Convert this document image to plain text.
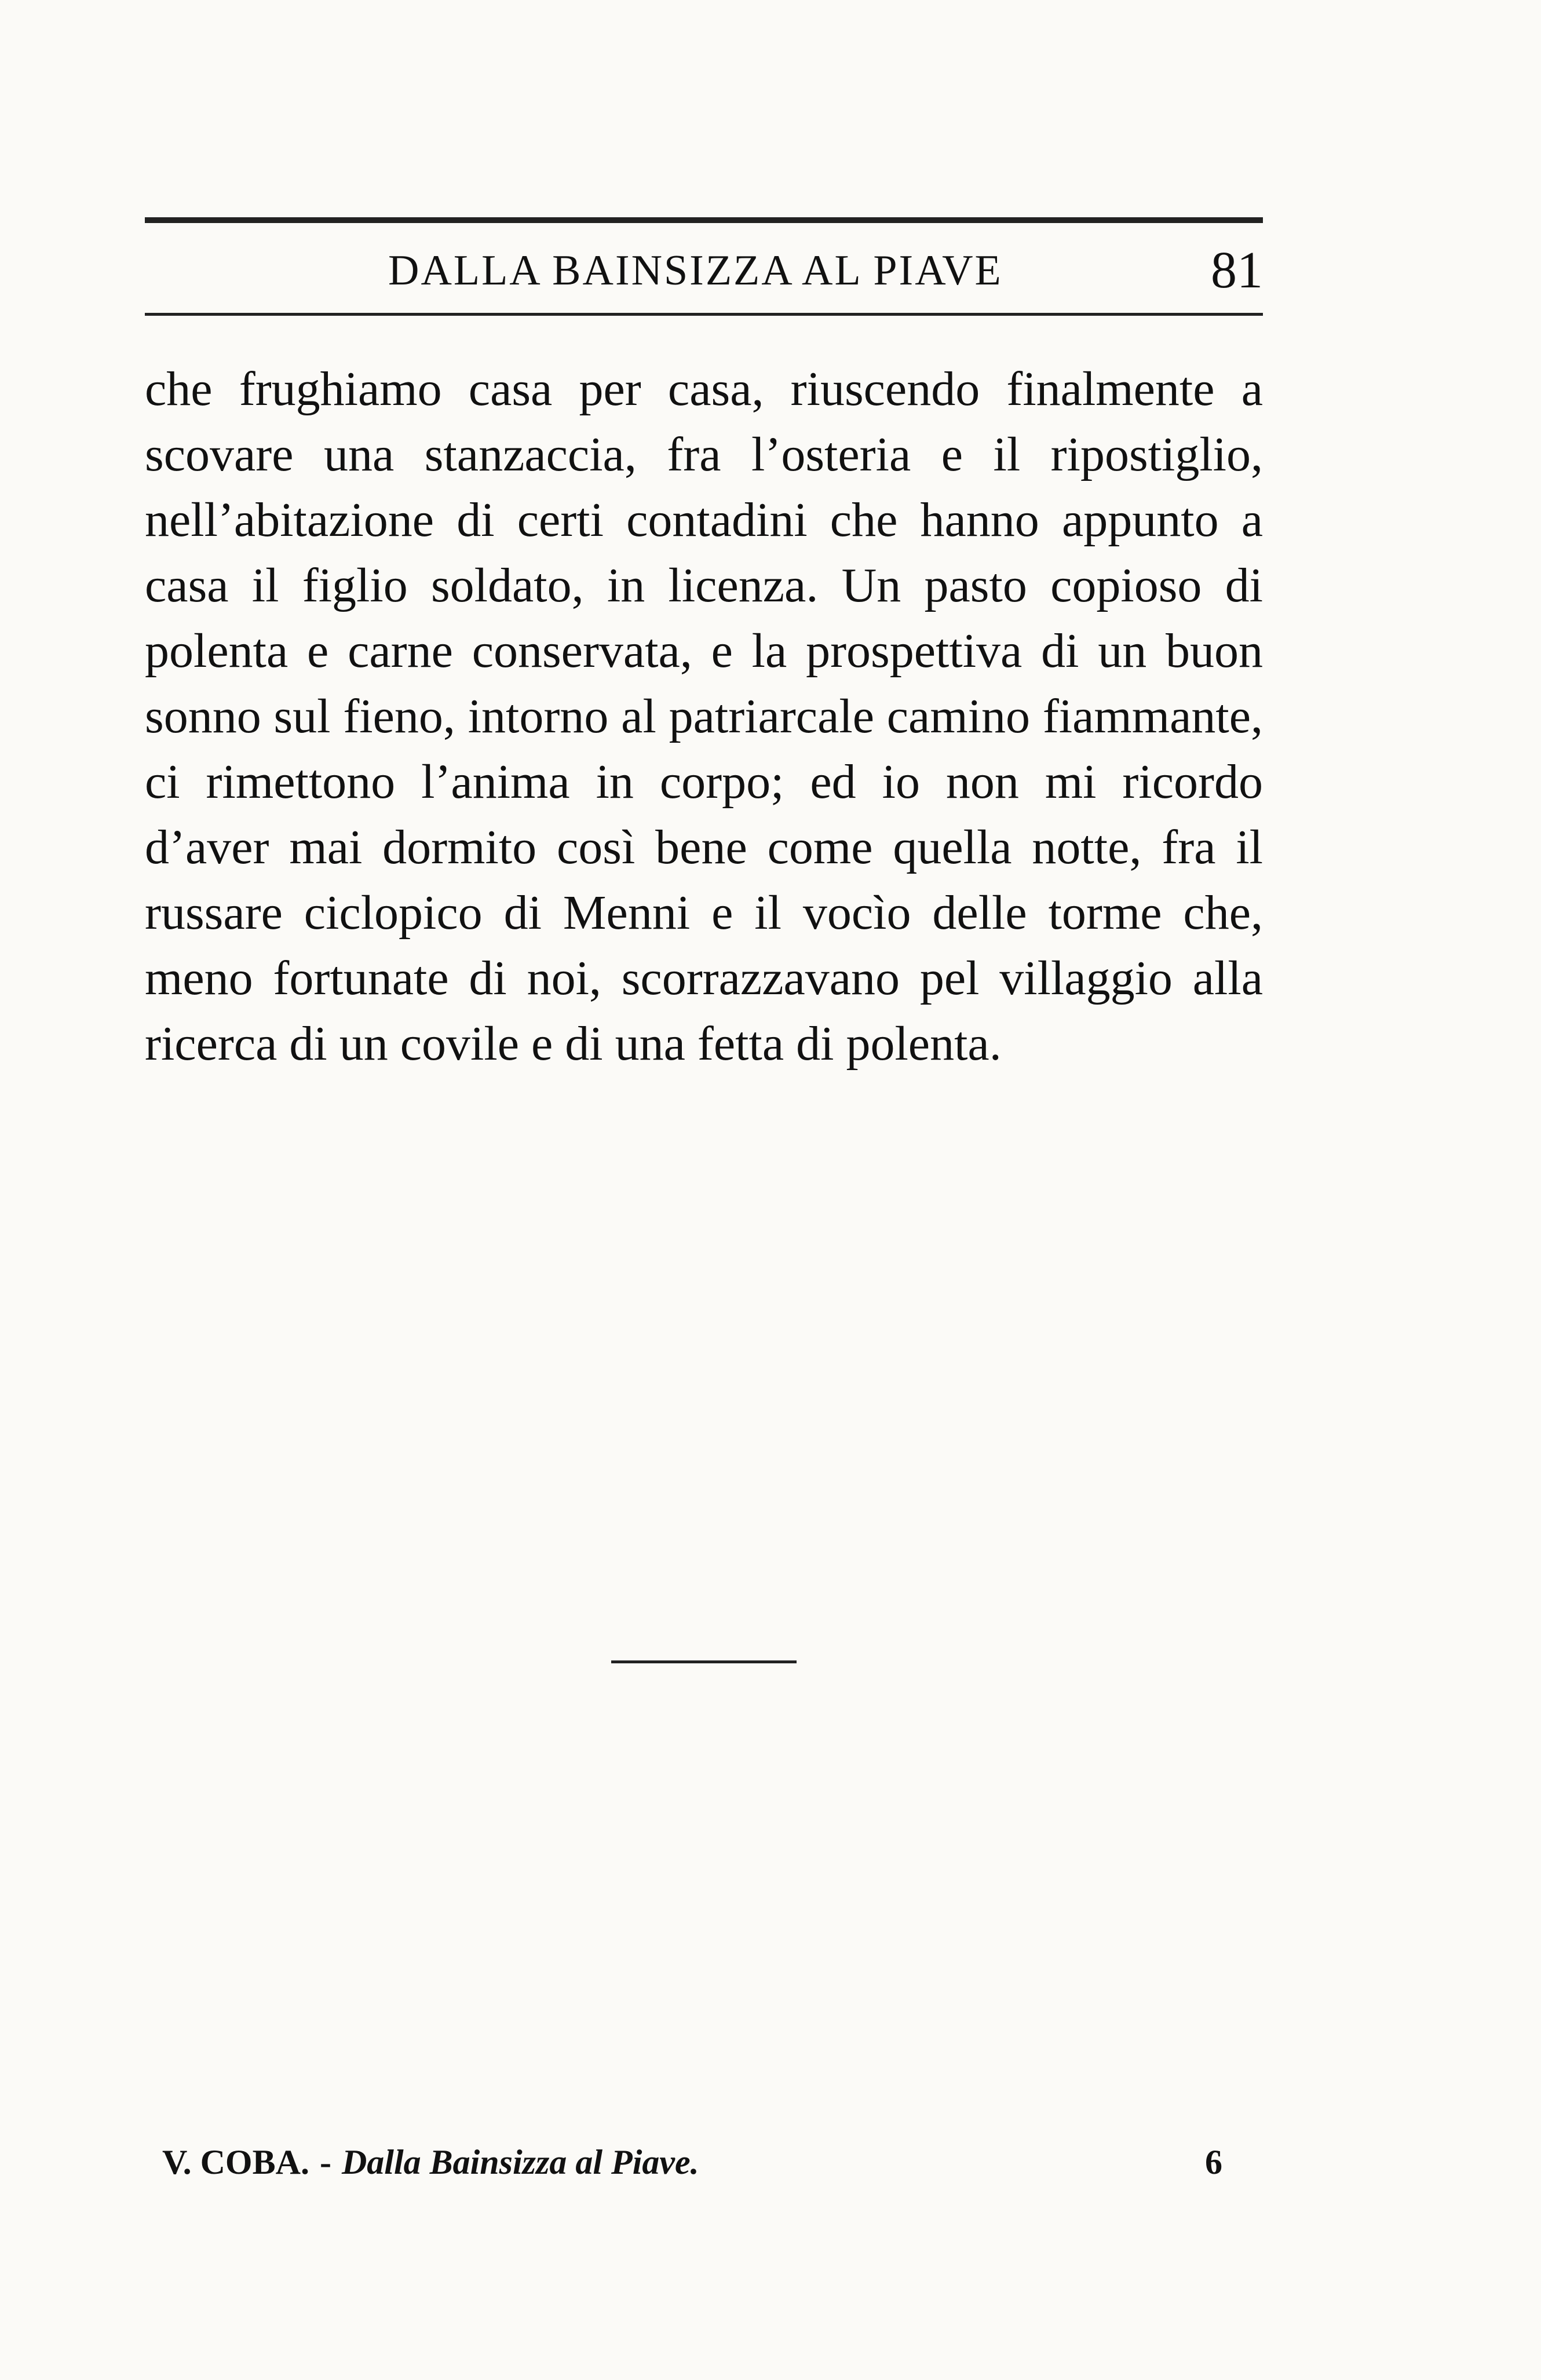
DALLA BAINSIZZA AL PIAVE	81

che frughiamo casa per casa, riuscendo finalmente a scovare una stanzaccia, fra l’osteria e il ripostiglio, nell’abitazione di certi contadini che hanno appunto a casa il figlio soldato, in licenza. Un pasto copioso di polenta e carne conservata, e la prospettiva di un buon sonno sul fieno, intorno al patriarcale camino fiammante, ci rimettono l’anima in corpo; ed io non mi ricordo d’aver mai dormito così bene come quella notte, fra il russare ciclopico di Menni e il vocìo delle torme che, meno fortunate di noi, scorrazzavano pel villaggio alla ricerca di un covile e di una fetta di polenta.

V. COBA. - Dalla Bainsizza al Piave.	6
